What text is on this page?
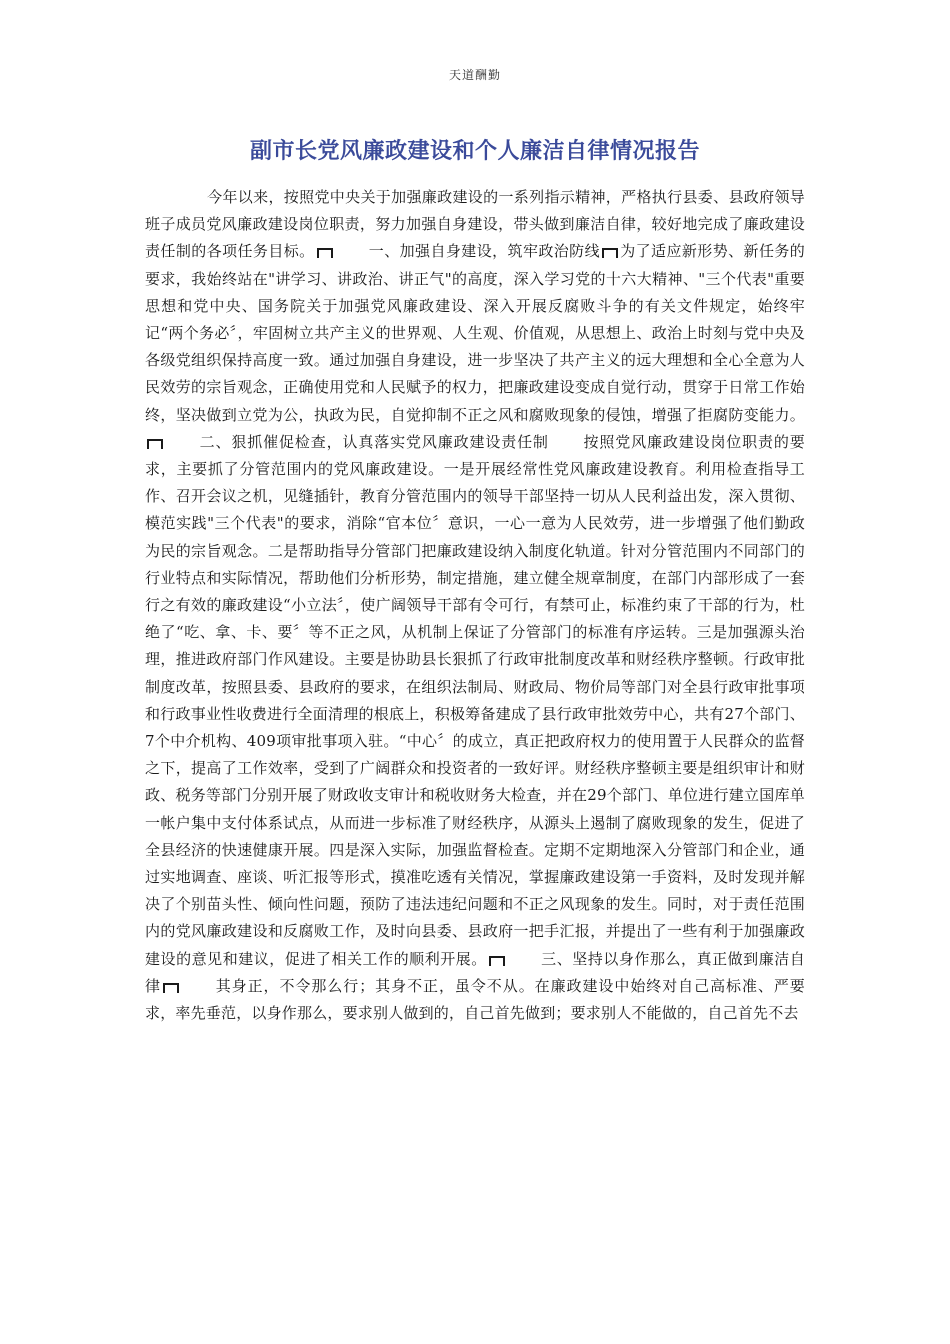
天道酬勤
副市长党风廉政建设和个人廉洁自律情况报告
今年以来，按照党中央关于加强廉政建设的一系列指示精神，严格执行县委、县政府领导班子成员党风廉政建设岗位职责，努力加强自身建设，带头做到廉洁自律，较好地完成了廉政建设责任制的各项任务目标。	一、加强自身建设，筑牢政治防线 为了适应新形势、新任务的要求，我始终站在"讲学习、讲政治、讲正气"的高度，深入学习党的十六大精神、"三个代表"重要思想和党中央、国务院关于加强党风廉政建设、深入开展反腐败斗争的有关文件规定，始终牢记“两个务必〞，牢固树立共产主义的世界观、人生观、价值观，从思想上、政治上时刻与党中央及各级党组织保持高度一致。通过加强自身建设，进一步坚决了共产主义的远大理想和全心全意为人民效劳的宗旨观念，正确使用党和人民赋予的权力，把廉政建设变成自觉行动，贯穿于日常工作始终，坚决做到立党为公，执政为民，自觉抑制不正之风和腐败现象的侵蚀，增强了拒腐防变能力。二、狠抓催促检查，认真落实党风廉政建设责任制 按照党风廉政建设岗位职责的要求，主要抓了分管范围内的党风廉政建设。一是开展经常性党风廉政建设教育。利用检查指导工作、召开会议之机，见缝插针，教育分管范围内的领导干部坚持一切从人民利益出发，深入贯彻、模范实践"三个代表"的要求，消除“官本位〞意识，一心一意为人民效劳，进一步增强了他们勤政为民的宗旨观念。二是帮助指导分管部门把廉政建设纳入制度化轨道。针对分管范围内不同部门的行业特点和实际情况，帮助他们分析形势，制定措施，建立健全规章制度，在部门内部形成了一套行之有效的廉政建设“小立法〞，使广阔领导干部有令可行，有禁可止，标准约束了干部的行为，杜绝了“吃、拿、卡、要〞等不正之风，从机制上保证了分管部门的标准有序运转。三是加强源头治理，推进政府部门作风建设。主要是协助县长狠抓了行政审批制度改革和财经秩序整顿。行政审批制度改革，按照县委、县政府的要求，在组织法制局、财政局、物价局等部门对全县行政审批事项和行政事业性收费进行全面清理的根底上，积极筹备建成了县行政审批效劳中心，共有27个部门、7个中介机构、409项审批事项入驻。“中心〞的成立，真正把政府权力的使用置于人民群众的监督之下，提高了工作效率，受到了广阔群众和投资者的一致好评。财经秩序整顿主要是组织审计和财政、税务等部门分别开展了财政收支审计和税收财务大检查，并在29个部门、单位进行建立国库单一帐户集中支付体系试点，从而进一步标准了财经秩序，从源头上遏制了腐败现象的发生，促进了全县经济的快速健康开展。四是深入实际，加强监督检查。定期不定期地深入分管部门和企业，通过实地调查、座谈、听汇报等形式，摸准吃透有关情况，掌握廉政建设第一手资料，及时发现并解决了个别苗头性、倾向性问题，预防了违法违纪问题和不正之风现象的发生。同时，对于责任范围内的党风廉政建设和反腐败工作，及时向县委、县政府一把手汇报，并提出了一些有利于加强廉政建设的意见和建议，促进了相关工作的顺利开展。	三、坚持以身作那么，真正做到廉洁自律	其身正，不令那么行；其身不正，虽令不从。在廉政建设中始终对自己高标准、严要求，率先垂范，以身作那么，要求别人做到的，自己首先做到；要求别人不能做的，自己首先不去
